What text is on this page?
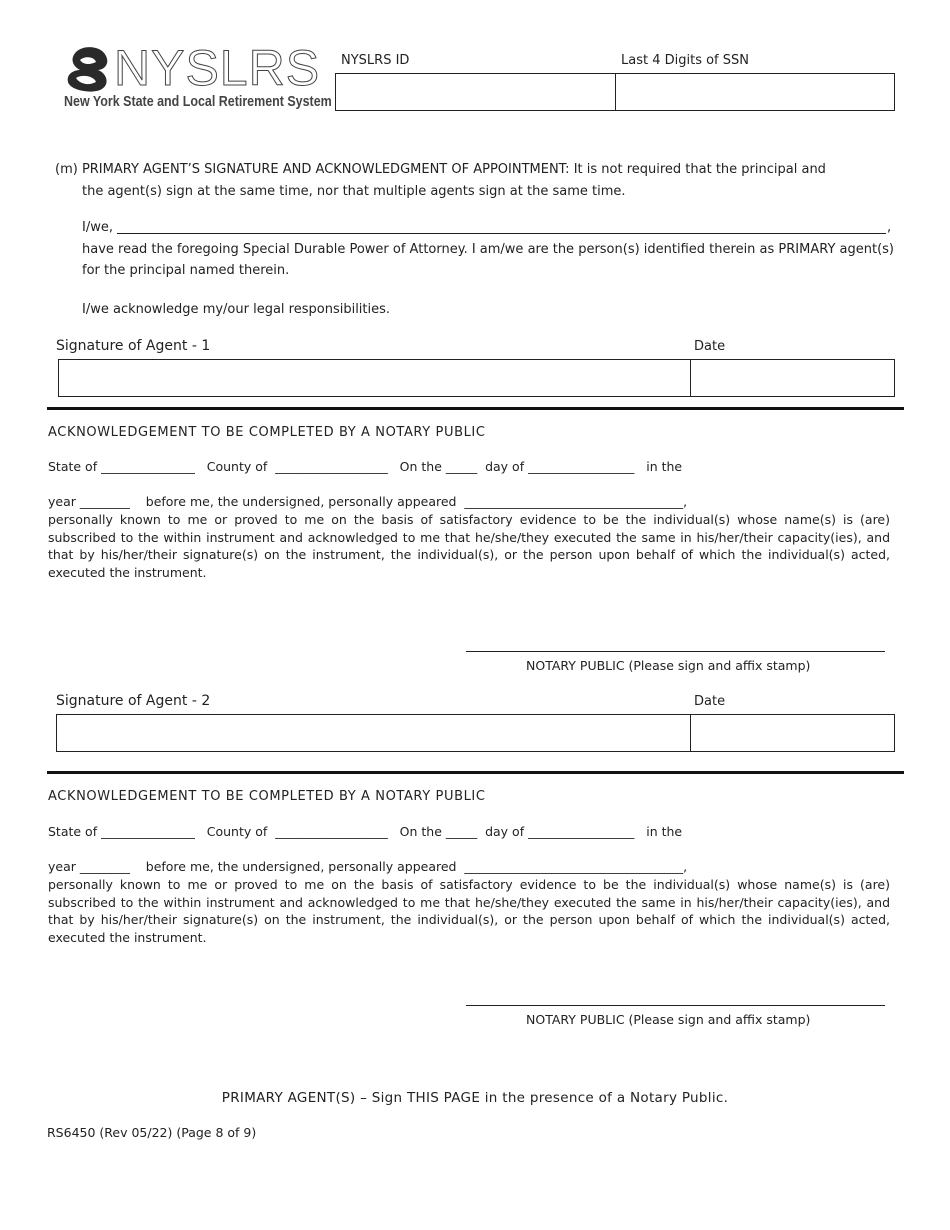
NYSLRS
New York State and Local Retirement System
NYSLRS ID	Last 4 Digits of SSN
(m) PRIMARY AGENT’S SIGNATURE AND ACKNOWLEDGMENT OF APPOINTMENT: It is not required that the principal and
the agent(s) sign at the same time, nor that multiple agents sign at the same time.
I/we,	,
have read the foregoing Special Durable Power of Attorney. I am/we are the person(s) identified therein as PRIMARY agent(s)
for the principal named therein.
I/we acknowledge my/our legal responsibilities.
Signature of Agent - 1	Date
ACKNOWLEDGEMENT TO BE COMPLETED BY A NOTARY PUBLIC
State of _______________   County of  __________________   On the _____  day of _________________   in the
year ________    before me, the undersigned, personally appeared  ___________________________________,
personally known to me or proved to me on the basis of satisfactory evidence to be the individual(s) whose name(s) is (are) subscribed to the within instrument and acknowledged to me that he/she/they executed the same in his/her/their capacity(ies), and that by his/her/their signature(s) on the instrument, the individual(s), or the person upon behalf of which the individual(s) acted, executed the instrument.
NOTARY PUBLIC (Please sign and affix stamp)
Signature of Agent - 2	Date
ACKNOWLEDGEMENT TO BE COMPLETED BY A NOTARY PUBLIC
State of _______________   County of  __________________   On the _____  day of _________________   in the
year ________    before me, the undersigned, personally appeared  ___________________________________,
personally known to me or proved to me on the basis of satisfactory evidence to be the individual(s) whose name(s) is (are) subscribed to the within instrument and acknowledged to me that he/she/they executed the same in his/her/their capacity(ies), and that by his/her/their signature(s) on the instrument, the individual(s), or the person upon behalf of which the individual(s) acted, executed the instrument.
NOTARY PUBLIC (Please sign and affix stamp)
PRIMARY AGENT(S) – Sign THIS PAGE in the presence of a Notary Public.
RS6450 (Rev 05/22) (Page 8 of 9)
